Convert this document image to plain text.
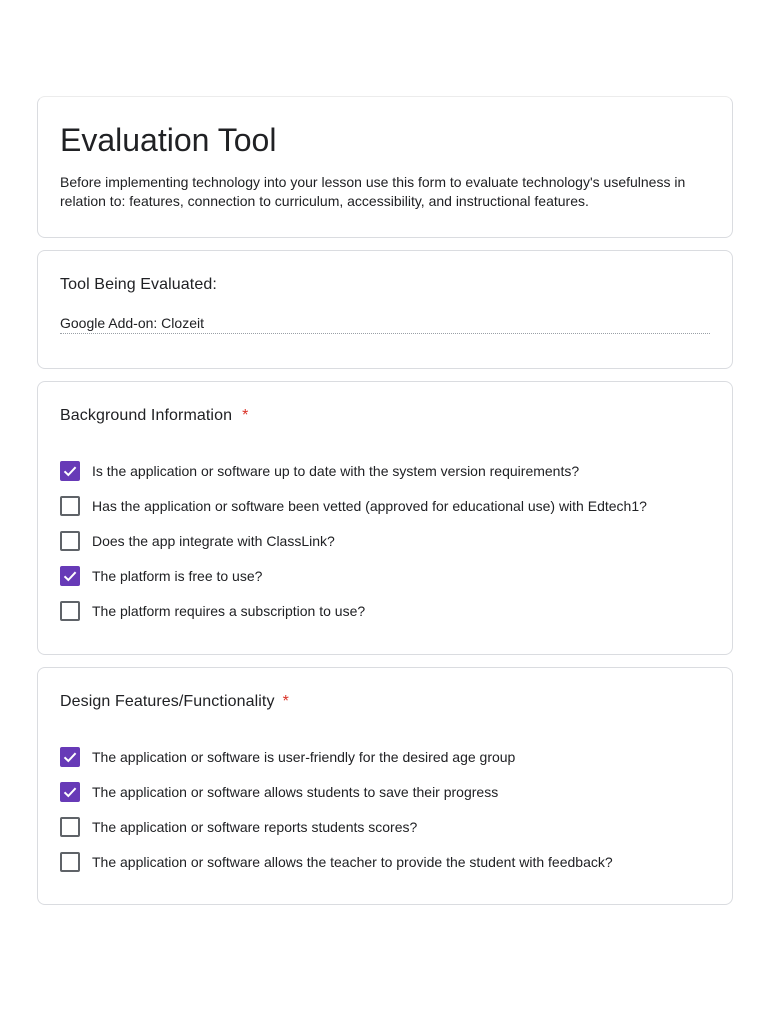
Evaluation Tool

Before implementing technology into your lesson use this form to evaluate technology's usefulness in relation to: features, connection to curriculum, accessibility, and instructional features.

Tool Being Evaluated:
Google Add-on: Clozeit
Background Information *
Is the application or software up to date with the system version requirements?
Has the application or software been vetted (approved for educational use) with Edtech1?
Does the app integrate with ClassLink?
The platform is free to use?
The platform requires a subscription to use?
Design Features/Functionality *
The application or software is user-friendly for the desired age group
The application or software allows students to save their progress
The application or software reports students scores?
The application or software allows the teacher to provide the student with feedback?
